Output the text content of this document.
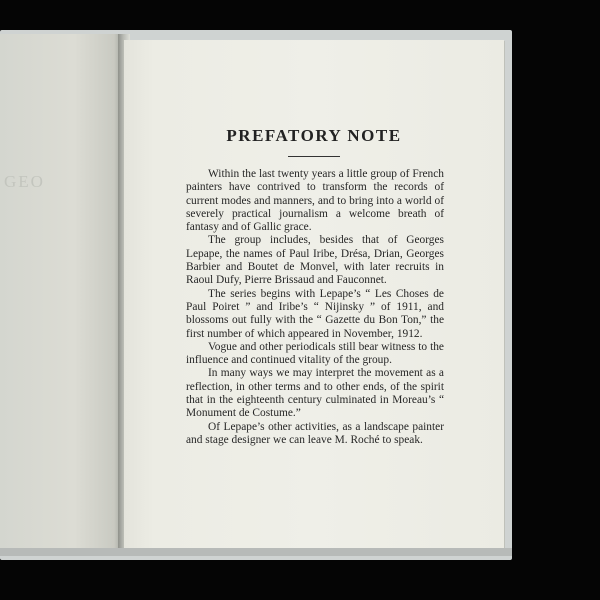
GEO
PREFATORY NOTE

Within the last twenty years a little group of French painters have contrived to transform the records of current modes and manners, and to bring into a world of severely practical journalism a welcome breath of fantasy and of Gallic grace.

The group includes, besides that of Georges Lepape, the names of Paul Iribe, Drésa, Drian, Georges Barbier and Boutet de Monvel, with later recruits in Raoul Dufy, Pierre Brissaud and Fauconnet.

The series begins with Lepape’s “ Les Choses de Paul Poiret ” and Iribe’s “ Nijinsky ” of 1911, and blossoms out fully with the “ Gazette du Bon Ton,” the first number of which appeared in November, 1912.

Vogue and other periodicals still bear witness to the influence and continued vitality of the group.

In many ways we may interpret the movement as a reflection, in other terms and to other ends, of the spirit that in the eighteenth century culminated in Moreau’s “ Monument de Costume.”

Of Lepape’s other activities, as a landscape painter and stage designer we can leave M. Roché to speak.
